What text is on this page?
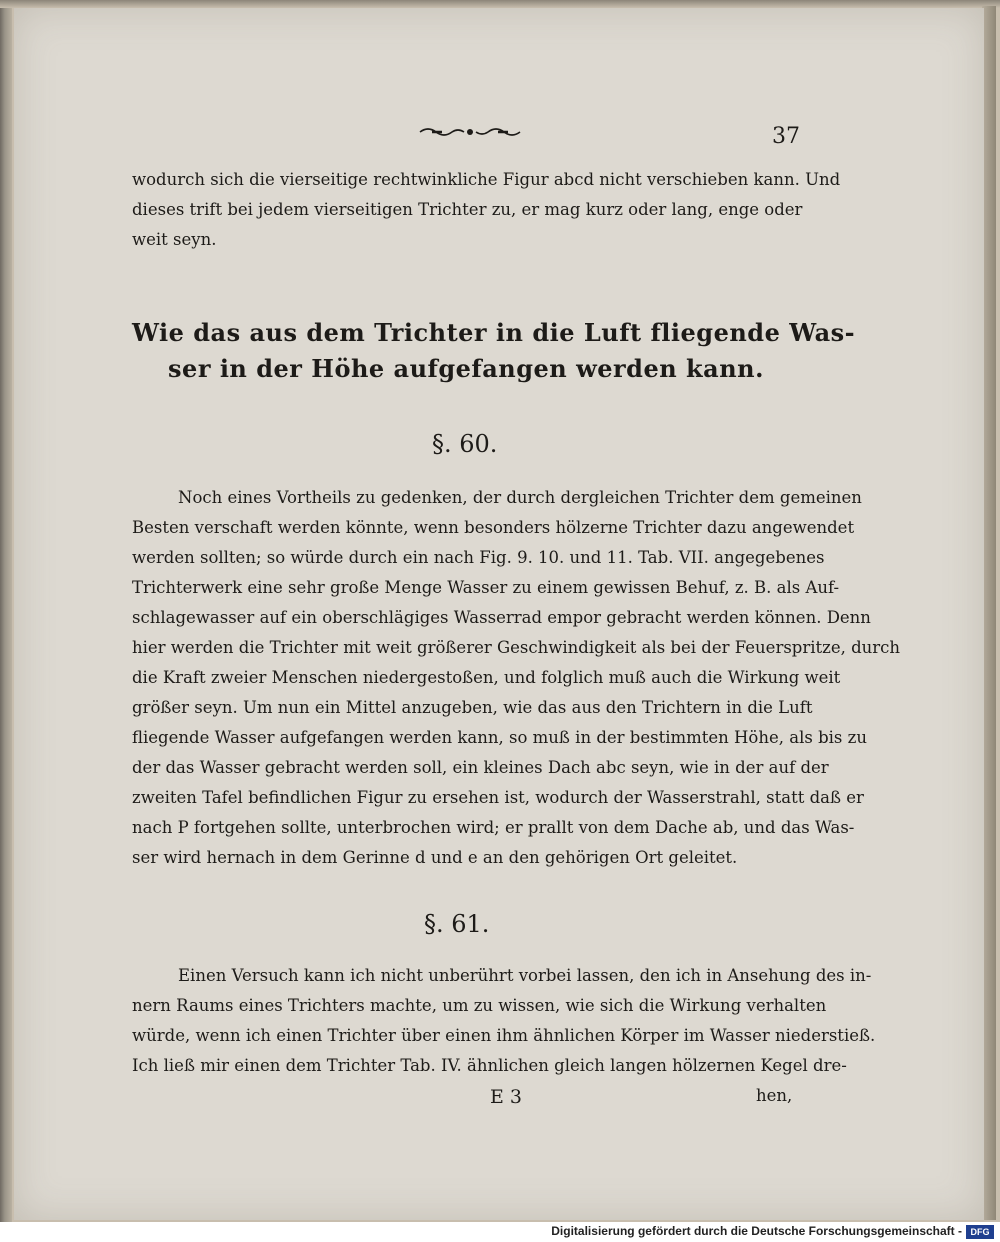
37
wodurch sich die vierseitige rechtwinkliche Figur abcd nicht verschieben kann. Und
dieses trift bei jedem vierseitigen Trichter zu, er mag kurz oder lang, enge oder
weit seyn.
Wie das aus dem Trichter in die Luft fliegende Was-
ser in der Höhe aufgefangen werden kann.
§. 60.
Noch eines Vortheils zu gedenken, der durch dergleichen Trichter dem gemeinen
Besten verschaft werden könnte, wenn besonders hölzerne Trichter dazu angewendet
werden sollten; so würde durch ein nach Fig. 9. 10. und 11. Tab. VII. angegebenes
Trichterwerk eine sehr große Menge Wasser zu einem gewissen Behuf, z. B. als Auf-
schlagewasser auf ein oberschlägiges Wasserrad empor gebracht werden können. Denn
hier werden die Trichter mit weit größerer Geschwindigkeit als bei der Feuerspritze, durch
die Kraft zweier Menschen niedergestoßen, und folglich muß auch die Wirkung weit
größer seyn. Um nun ein Mittel anzugeben, wie das aus den Trichtern in die Luft
fliegende Wasser aufgefangen werden kann, so muß in der bestimmten Höhe, als bis zu
der das Wasser gebracht werden soll, ein kleines Dach abc seyn, wie in der auf der
zweiten Tafel befindlichen Figur zu ersehen ist, wodurch der Wasserstrahl, statt daß er
nach P fortgehen sollte, unterbrochen wird; er prallt von dem Dache ab, und das Was-
ser wird hernach in dem Gerinne d und e an den gehörigen Ort geleitet.
§. 61.
Einen Versuch kann ich nicht unberührt vorbei lassen, den ich in Ansehung des in-
nern Raums eines Trichters machte, um zu wissen, wie sich die Wirkung verhalten
würde, wenn ich einen Trichter über einen ihm ähnlichen Körper im Wasser niederstieß.
Ich ließ mir einen dem Trichter Tab. IV. ähnlichen gleich langen hölzernen Kegel dre-
E 3	hen,
Digitalisierung gefördert durch die Deutsche Forschungsgemeinschaft - DFG
